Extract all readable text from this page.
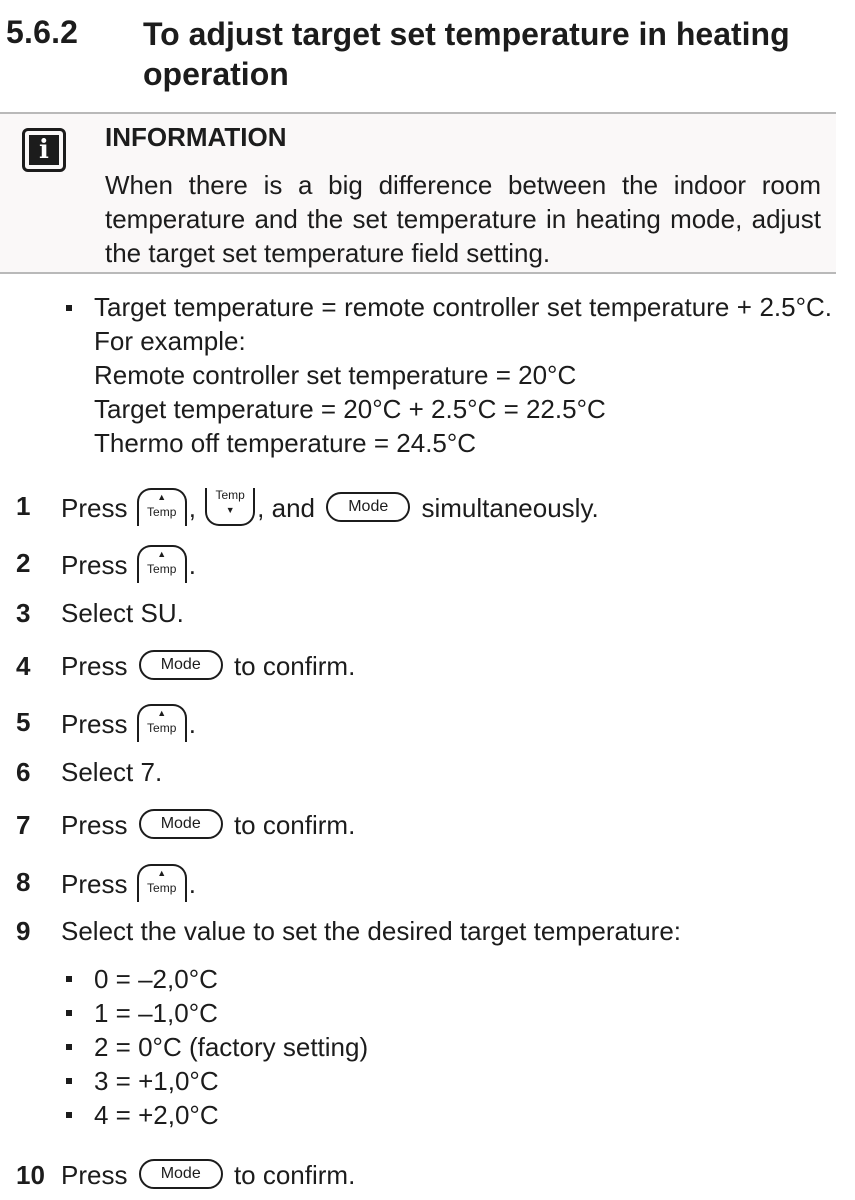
5.6.2 To adjust target set temperature in heating operation
i	INFORMATION
When there is a big difference between the indoor room temperature and the set temperature in heating mode, adjust the target set temperature field setting.
Target temperature = remote controller set temperature + 2.5°C. For example:
Remote controller set temperature = 20°C
Target temperature = 20°C + 2.5°C = 22.5°C
Thermo off temperature = 24.5°C
1 Press	▲
Temp ,	Temp
▼ , and Mode simultaneously.
2 Press	▲
Temp .
3 Select SU.
4 Press Mode to confirm.
5 Press	▲
Temp .
6 Select 7.
7 Press Mode to confirm.
8 Press	▲
Temp .
9 Select the value to set the desired target temperature:
0 = –2,0°C
1 = –1,0°C
2 = 0°C (factory setting)
3 = +1,0°C
4 = +2,0°C
10 Press Mode to confirm.
